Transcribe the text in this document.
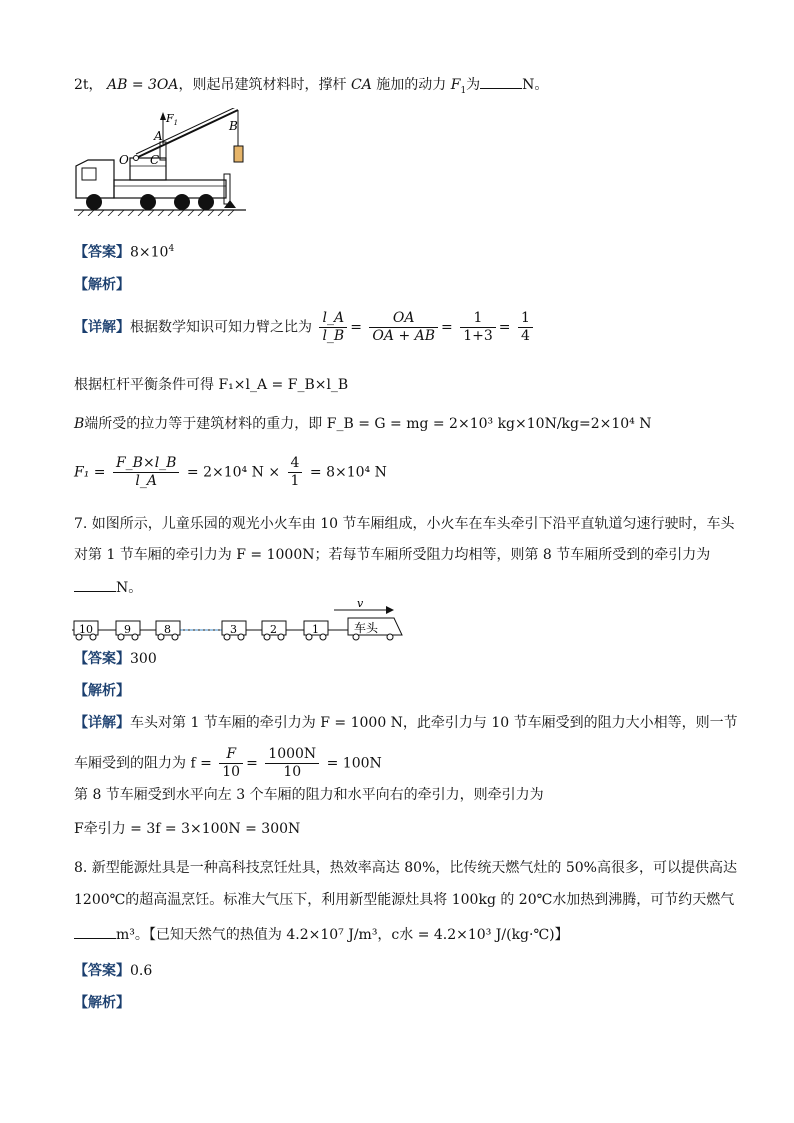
2t， AB = 3OA，则起吊建筑材料时，撑杆 CA 施加的动力 $F_1$为	N。
$F_1$
A
B
O C
【答案】$8\times 10^4$
【解析】
【详解】根据数学知识可知力臂之比为 $\frac{l\_A}{l\_B} = \frac{OA}{OA + AB} = \frac{1}{1+3} = \frac{1}{4}$
根据杠杆平衡条件可得 F₁×l_A = F_B×l_B
B端所受的拉力等于建筑材料的重力，即 F_B = G = mg = 2×10³ kg×10N/kg=2×10⁴ N
$F_1 = \frac{F\_B\times l\_B}{l\_A} = 2\times 10^4$ $N \times \frac{4}{1} = 8\times 10^4$ N
7. 如图所示，儿童乐园的观光小火车由 10 节车厢组成，小火车在车头牵引下沿平直轨道匀速行驶时，车头
对第 1 节车厢的牵引力为 F = 1000N；若每节车厢所受阻力均相等，则第 8 节车厢所受到的牵引力为
N。
v
10	9	8	3	2	1	车头
【答案】300
【解析】
【详解】车头对第 1 节车厢的牵引力为 F = 1000 N，此牵引力与 10 节车厢受到的阻力大小相等，则一节
车厢受到的阻力为 $f = \frac{F}{10} = \frac{1000N}{10} = 100N$
第 8 节车厢受到水平向左 3 个车厢的阻力和水平向右的牵引力，则牵引力为
F牵引力 = 3f = 3×100N = 300N
8. 新型能源灶具是一种高科技烹饪灶具，热效率高达 80%，比传统天燃气灶的 50%高很多，可以提供高达
1200℃的超高温烹饪。标准大气压下，利用新型能源灶具将 100kg 的 20℃水加热到沸腾，可节约天燃气
m³。【已知天然气的热值为 4.2×10⁷ J/m³，c水 = 4.2×10³ J/(kg·℃)】
【答案】0.6
【解析】
